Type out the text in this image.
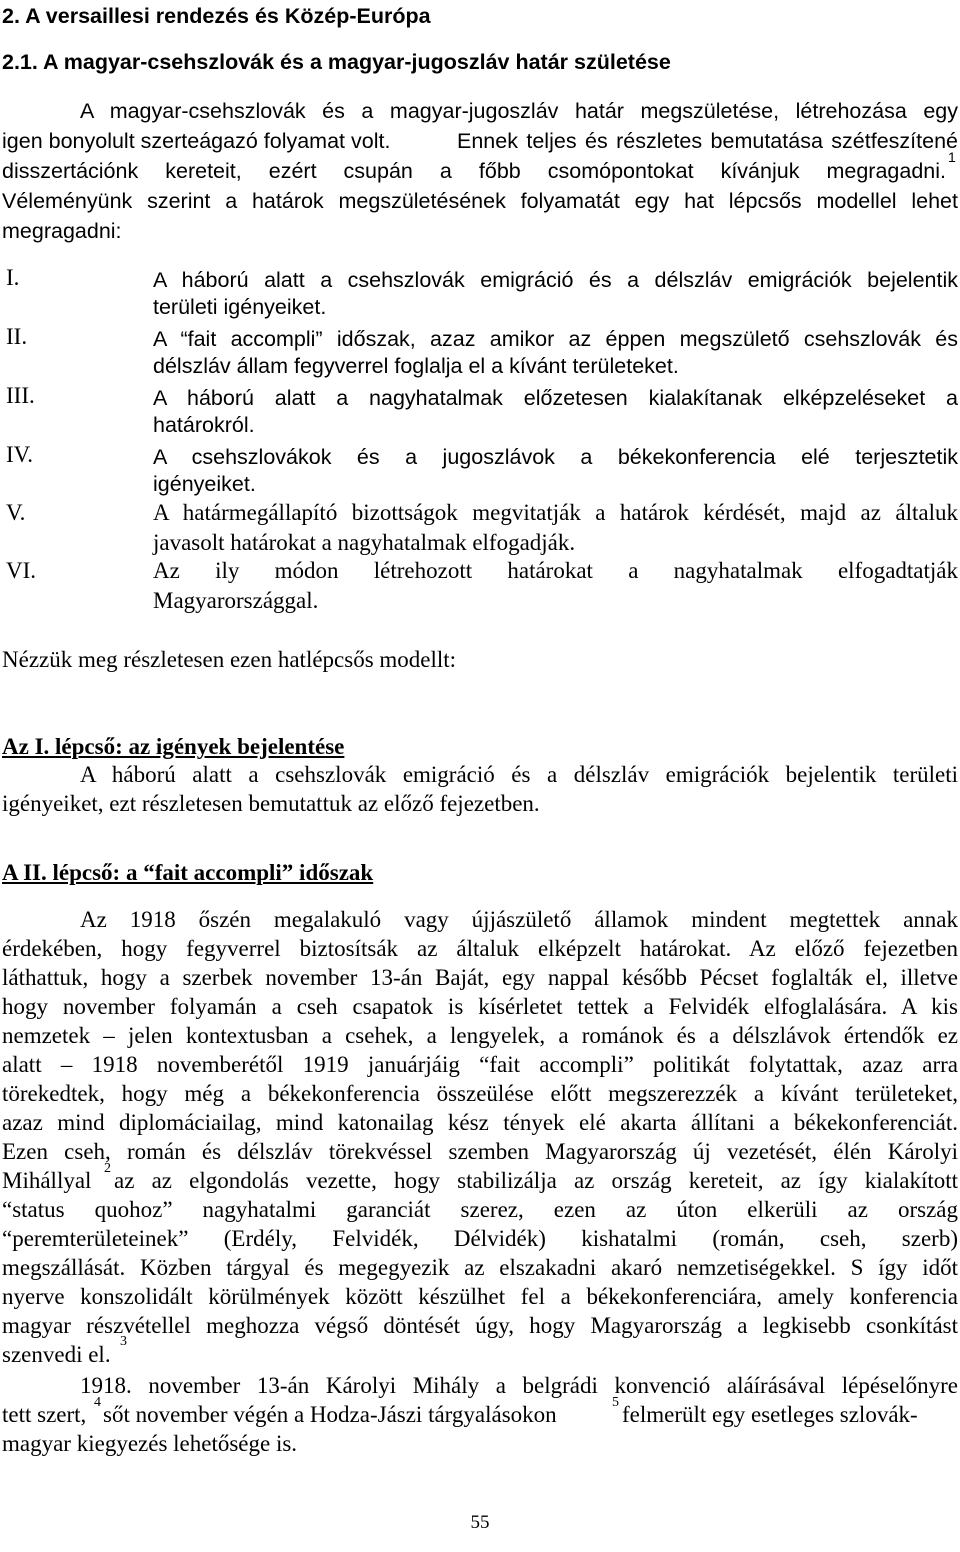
2. A versaillesi rendezés és Közép-Európa
2.1. A magyar-csehszlovák és a magyar-jugoszláv határ születése
A magyar-csehszlovák és a magyar-jugoszláv határ megszületése, létrehozása egy
igen bonyolult szerteágazó folyamat volt.	Ennek teljes és részletes bemutatása szétfeszítené
disszertációnk kereteit, ezért csupán a főbb csomópontokat kívánjuk megragadni.
$^1$
Véleményünk szerint a határok megszületésének folyamatát egy hat lépcsős modellel lehet
megragadni:
I.	A háború alatt a csehszlovák emigráció és a délszláv emigrációk bejelentik
területi igényeiket.
II.	A “fait accompli” időszak, azaz amikor az éppen megszülető csehszlovák és
délszláv állam fegyverrel foglalja el a kívánt területeket.
III.	A háború alatt a nagyhatalmak előzetesen kialakítanak elképzeléseket a
határokról.
IV.	A csehszlovákok és a jugoszlávok a békekonferencia elé terjesztetik
igényeiket.
V.	A határmegállapító bizottságok megvitatják a határok kérdését, majd az általuk
javasolt határokat a nagyhatalmak elfogadják.
VI.	Az ily módon létrehozott határokat a nagyhatalmak elfogadtatják
Magyarországgal.
Nézzük meg részletesen ezen hatlépcsős modellt:
Az I. lépcső: az igények bejelentése
A háború alatt a csehszlovák emigráció és a délszláv emigrációk bejelentik területi
igényeiket, ezt részletesen bemutattuk az előző fejezetben.
A II. lépcső: a “fait accompli” időszak
Az 1918 őszén megalakuló vagy újjászülető államok mindent megtettek annak
érdekében, hogy fegyverrel biztosítsák az általuk elképzelt határokat. Az előző fejezetben
láthattuk, hogy a szerbek november 13-án Baját, egy nappal később Pécset foglalták el, illetve
hogy november folyamán a cseh csapatok is kísérletet tettek a Felvidék elfoglalására. A kis
nemzetek – jelen kontextusban a csehek, a lengyelek, a románok és a délszlávok értendők ez
alatt – 1918 novemberétől 1919 januárjáig “fait accompli” politikát folytattak, azaz arra
törekedtek, hogy még a békekonferencia összeülése előtt megszerezzék a kívánt területeket,
azaz mind diplomáciailag, mind katonailag kész tények elé akarta állítani a békekonferenciát.
Ezen cseh, román és délszláv törekvéssel szemben Magyarország új vezetését, élén Károlyi
Mihállyal $^2$ az az elgondolás vezette, hogy stabilizálja az ország kereteit, az így kialakított
“status quohoz” nagyhatalmi garanciát szerez, ezen az úton elkerüli az ország
“peremterületeinek” (Erdély, Felvidék, Délvidék) kishatalmi (román, cseh, szerb)
megszállását. Közben tárgyal és megegyezik az elszakadni akaró nemzetiségekkel. S így időt
nyerve konszolidált körülmények között készülhet fel a békekonferenciára, amely konferencia
magyar részvétellel meghozza végső döntését úgy, hogy Magyarország a legkisebb csonkítást
szenvedi el.
$^3$
1918. november 13-án Károlyi Mihály a belgrádi konvenció aláírásával lépéselőnyre
tett szert, $^4$ sőt november végén a Hodza-Jászi tárgyalásokon	$^5$ felmerült egy esetleges szlovák-
magyar kiegyezés lehetősége is.
55
